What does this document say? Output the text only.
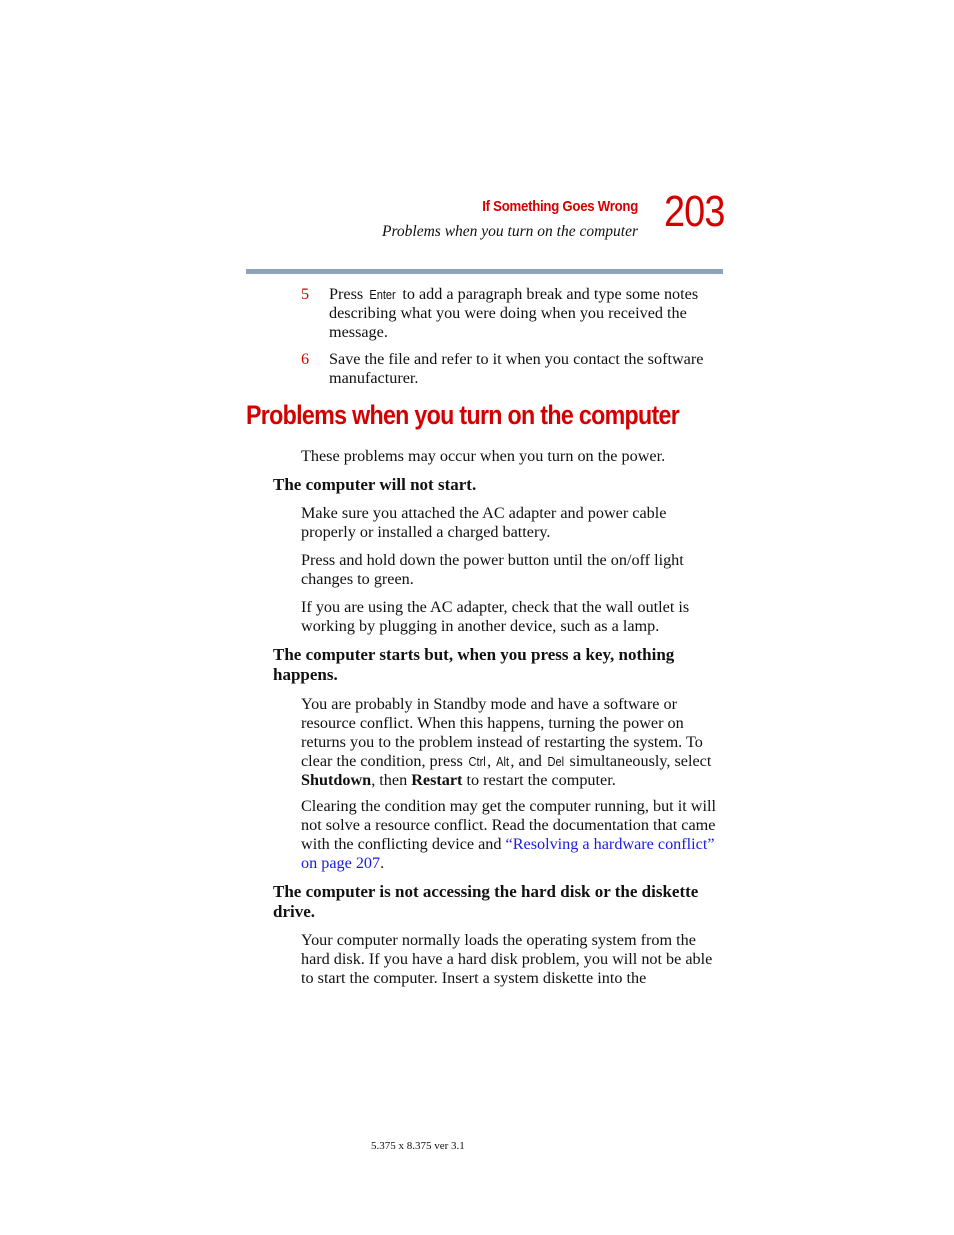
If Something Goes Wrong
Problems when you turn on the computer 203
5 Press Enter to add a paragraph break and type some notes describing what you were doing when you received the message.
6 Save the file and refer to it when you contact the software manufacturer.
Problems when you turn on the computer
These problems may occur when you turn on the power.
The computer will not start.
Make sure you attached the AC adapter and power cable properly or installed a charged battery.
Press and hold down the power button until the on/off light changes to green.
If you are using the AC adapter, check that the wall outlet is working by plugging in another device, such as a lamp.
The computer starts but, when you press a key, nothing happens.
You are probably in Standby mode and have a software or resource conflict. When this happens, turning the power on returns you to the problem instead of restarting the system. To clear the condition, press Ctrl, Alt, and Del simultaneously, select Shutdown, then Restart to restart the computer.
Clearing the condition may get the computer running, but it will not solve a resource conflict. Read the documentation that came with the conflicting device and “Resolving a hardware conflict” on page 207.
The computer is not accessing the hard disk or the diskette drive.
Your computer normally loads the operating system from the hard disk. If you have a hard disk problem, you will not be able to start the computer. Insert a system diskette into the
5.375 x 8.375 ver 3.1
